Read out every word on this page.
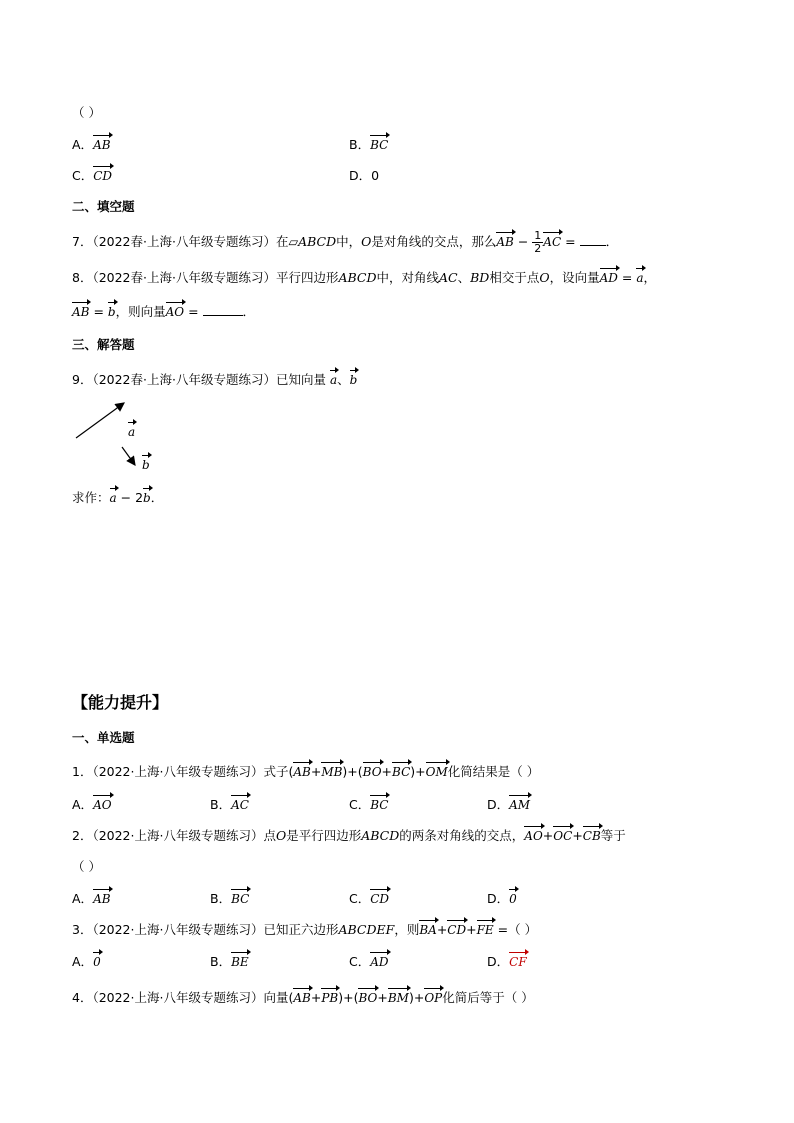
（ ）
A．AB	B．BC
C．CD	D．0
二、填空题
7．（2022春·上海·八年级专题练习）在▱ABCD中，O是对角线的交点，那么AB − $\frac{1}{2}$ AC = ．
8．（2022春·上海·八年级专题练习）平行四边形ABCD中，对角线AC、BD相交于点O，设向量AD = a，
AB = b，则向量AO =	．
三、解答题
9．（2022春·上海·八年级专题练习）已知向量 a、b
a
b
求作：a − 2b．
【能力提升】
一、单选题
1．（2022·上海·八年级专题练习）式子(AB+MB)+(BO+BC)+OM化简结果是（ ）
A．AO	B．AC	C．BC	D．AM
2．（2022·上海·八年级专题练习）点O是平行四边形ABCD的两条对角线的交点，AO+OC+CB等于
（ ）
A．AB	B．BC	C．CD	D．0
3．（2022·上海·八年级专题练习）已知正六边形ABCDEF，则BA+CD+FE =（ ）
A．0	B．BE	C．AD	D．CF
4．（2022·上海·八年级专题练习）向量(AB+PB)+(BO+BM)+OP化简后等于（ ）
